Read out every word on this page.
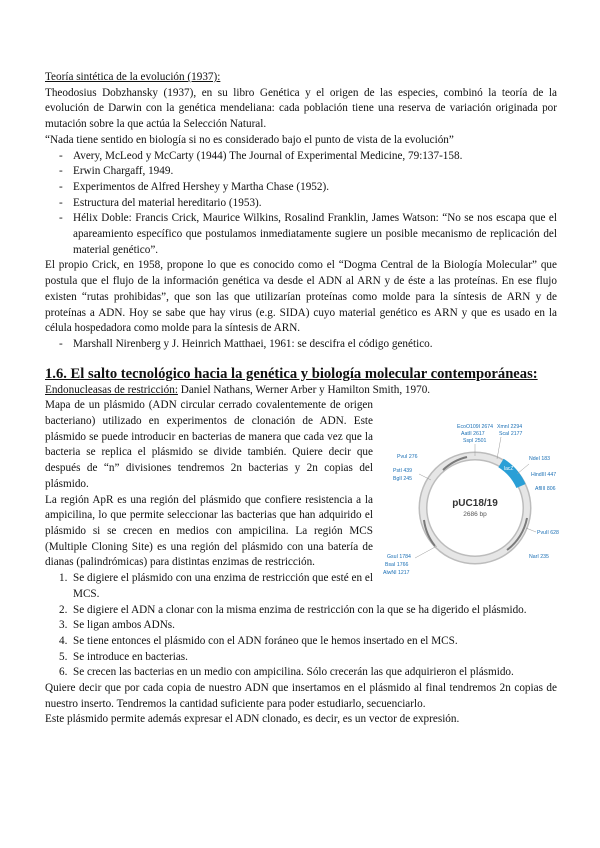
Teoría sintética de la evolución (1937):

Theodosius Dobzhansky (1937), en su libro Genética y el origen de las especies, combinó la teoría de la evolución de Darwin con la genética mendeliana: cada población tiene una reserva de variación originada por mutación sobre la que actúa la Selección Natural.

“Nada tiene sentido en biología si no es considerado bajo el punto de vista de la evolución”

- Avery, McLeod y McCarty (1944) The Journal of Experimental Medicine, 79:137-158.
- Erwin Chargaff, 1949.
- Experimentos de Alfred Hershey y Martha Chase (1952).
- Estructura del material hereditario (1953).
- Hélix Doble: Francis Crick, Maurice Wilkins, Rosalind Franklin, James Watson: “No se nos escapa que el apareamiento específico que postulamos inmediatamente sugiere un posible mecanismo de replicación del material genético”.

El propio Crick, en 1958, propone lo que es conocido como el “Dogma Central de la Biología Molecular” que postula que el flujo de la información genética va desde el ADN al ARN y de éste a las proteínas. En ese flujo existen “rutas prohibidas”, que son las que utilizarían proteínas como molde para la síntesis de ARN y de proteínas a ADN. Hoy se sabe que hay virus (e.g. SIDA) cuyo material genético es ARN y que es usado en la célula hospedadora como molde para la síntesis de ARN.

- Marshall Nirenberg y J. Heinrich Matthaei, 1961: se descifra el código genético.
1.6. El salto tecnológico hacia la genética y biología molecular contemporáneas:

Endonucleasas de restricción: Daniel Nathans, Werner Arber y Hamilton Smith, 1970.

lacZ
pUC18/19
2686 bp
EcoO109I 2674
AatII 2617
SspI 2501
XmnI 2294
ScaI 2177
NdeI 183
HindIII 447
AflIII 806
PvuII 628
NarI 235
PvuI 276
PstI 439
BglI 245
GsuI 1784
BsaI 1766
AlwNI 1217

Mapa de un plásmido (ADN circular cerrado covalentemente de origen bacteriano) utilizado en experimentos de clonación de ADN. Este plásmido se puede introducir en bacterias de manera que cada vez que la bacteria se replica el plásmido se divide también. Quiere decir que después de “n” divisiones tendremos 2n bacterias y 2n copias del plásmido.

La región ApR es una región del plásmido que confiere resistencia a la ampicilina, lo que permite seleccionar las bacterias que han adquirido el plásmido si se crecen en medios con ampicilina. La región MCS (Multiple Cloning Site) es una región del plásmido con una batería de dianas (palindrómicas) para distintas enzimas de restricción.

1. Se digiere el plásmido con una enzima de restricción que esté en el MCS.
2. Se digiere el ADN a clonar con la misma enzima de restricción con la que se ha digerido el plásmido.
3. Se ligan ambos ADNs.
4. Se tiene entonces el plásmido con el ADN foráneo que le hemos insertado en el MCS.
5. Se introduce en bacterias.
6. Se crecen las bacterias en un medio con ampicilina. Sólo crecerán las que adquirieron el plásmido.

Quiere decir que por cada copia de nuestro ADN que insertamos en el plásmido al final tendremos 2n copias de nuestro inserto. Tendremos la cantidad suficiente para poder estudiarlo, secuenciarlo.

Este plásmido permite además expresar el ADN clonado, es decir, es un vector de expresión.
